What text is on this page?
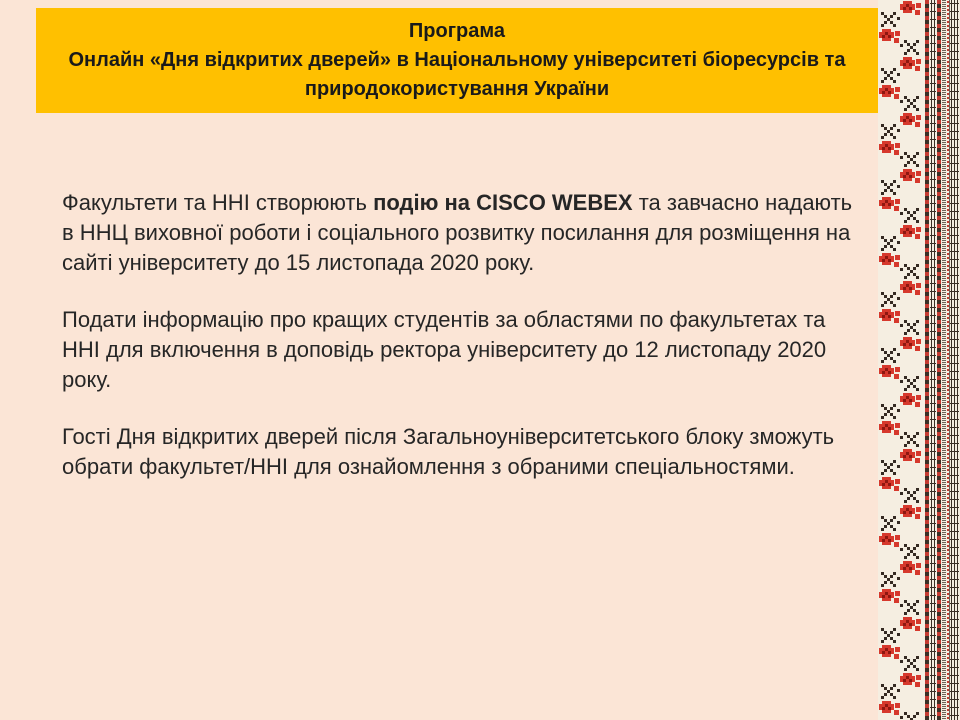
Програма
Онлайн «Дня відкритих дверей» в Національному університеті біоресурсів та природокористування України

Факультети та ННІ створюють подію на CISCO WEBEX та завчасно надають в ННЦ виховної роботи і соціального розвитку посилання для розміщення на сайті університету до 15 листопада 2020 року.

Подати інформацію про кращих студентів за областями по факультетах та ННІ для включення в доповідь ректора університету до 12 листопаду 2020 року.

Гості Дня відкритих дверей після Загальноуніверситетського блоку зможуть обрати факультет/ННІ для ознайомлення з обраними спеціальностями.
